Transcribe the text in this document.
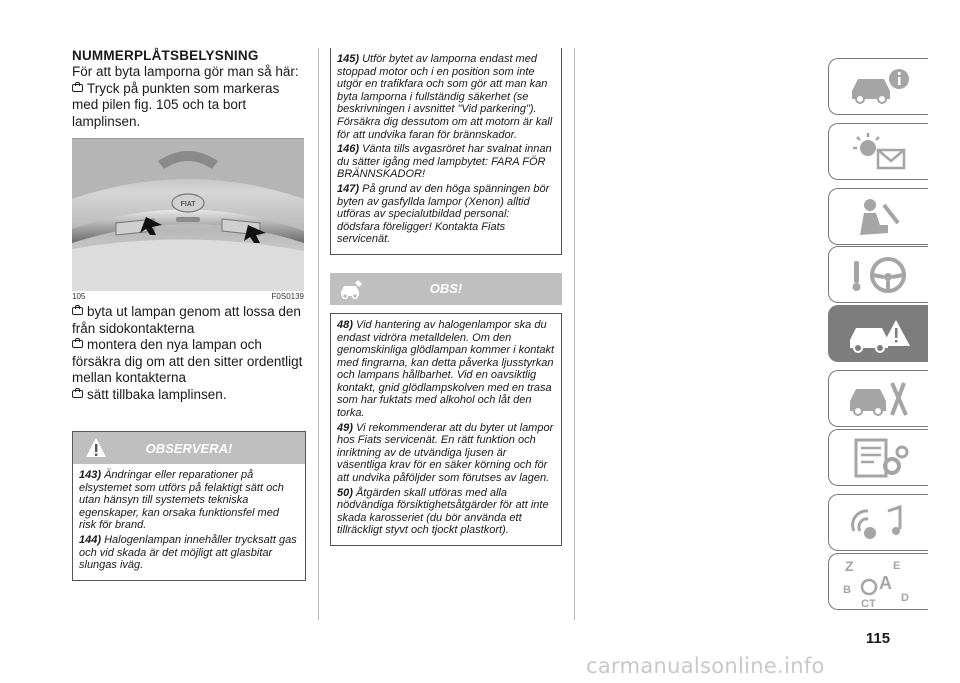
NUMMERPLÅTSBELYSNING
För att byta lamporna gör man så här:
Tryck på punkten som markeras med pilen fig. 105 och ta bort lamplinsen.
FIAT
105	F0S0139
byta ut lampan genom att lossa den från sidokontakterna
montera den nya lampan och försäkra dig om att den sitter ordentligt mellan kontakterna
sätt tillbaka lamplinsen.
OBSERVERA!

143) Ändringar eller reparationer på elsystemet som utförs på felaktigt sätt och utan hänsyn till systemets tekniska egenskaper, kan orsaka funktionsfel med risk för brand.

144) Halogenlampan innehåller trycksatt gas och vid skada är det möjligt att glasbitar slungas iväg.

145) Utför bytet av lamporna endast med stoppad motor och i en position som inte utgör en trafikfara och som gör att man kan byta lamporna i fullständig säkerhet (se beskrivningen i avsnittet "Vid parkering"). Försäkra dig dessutom om att motorn är kall för att undvika faran för brännskador.

146) Vänta tills avgasröret har svalnat innan du sätter igång med lampbytet: FARA FÖR BRÄNNSKADOR!

147) På grund av den höga spänningen bör byten av gasfyllda lampor (Xenon) alltid utföras av specialutbildad personal: dödsfara föreligger! Kontakta Fiats servicenät.

OBS!

48) Vid hantering av halogenlampor ska du endast vidröra metalldelen. Om den genomskinliga glödlampan kommer i kontakt med fingrarna, kan detta påverka ljusstyrkan och lampans hållbarhet. Vid en oavsiktlig kontakt, gnid glödlampskolven med en trasa som har fuktats med alkohol och låt den torka.

49) Vi rekommenderar att du byter ut lampor hos Fiats servicenät. En rätt funktion och inriktning av de utvändiga ljusen är väsentliga krav för en säker körning och för att undvika påföljder som förutses av lagen.

50) Åtgärden skall utföras med alla nödvändiga försiktighetsåtgärder för att inte skada karosseriet (du bör använda ett tillräckligt styvt och tjockt plastkort).

Z	E
A
B
C	D
T
115
carmanualsonline.info
